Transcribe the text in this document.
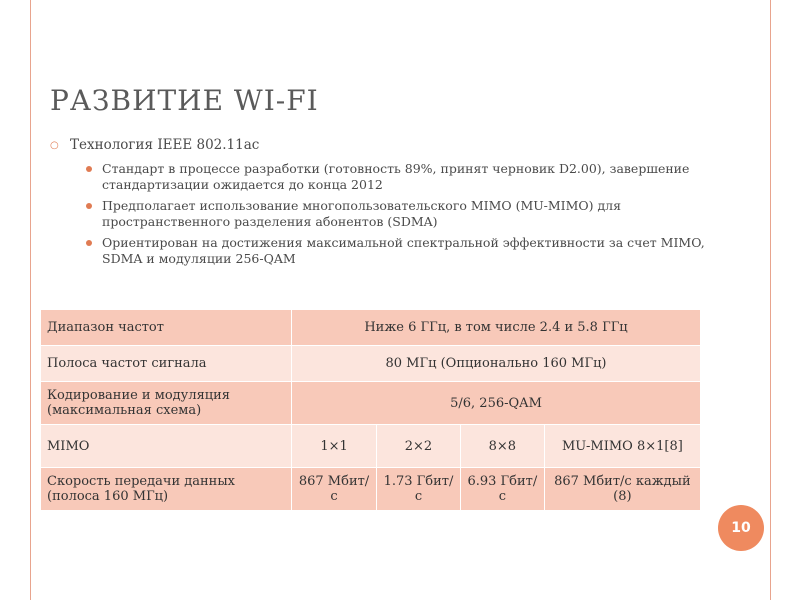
РАЗВИТИЕ WI-FI
○ Технология IEEE 802.11ac
Стандарт в процессе разработки (готовность 89%, принят черновик D2.00), завершение стандартизации ожидается до конца 2012
Предполагает использование многопользовательского MIMO (MU-MIMO) для пространственного разделения абонентов (SDMA)
Ориентирован на достижения максимальной спектральной эффективности за счет MIMO, SDMA и модуляции 256-QAM
Диапазон частот	Ниже 6 ГГц, в том числе 2.4 и 5.8 ГГц			
Полоса частот сигнала	80 МГц (Опционально 160 МГц)			
Кодирование и модуляция (максимальная схема)	5/6, 256-QAM			
MIMO	1×1	2×2	8×8	MU-MIMO 8×1[8]
Скорость передачи данных (полоса 160 МГц)	867 Мбит/с	1.73 Гбит/с	6.93 Гбит/с	867 Мбит/с каждый (8)
10
